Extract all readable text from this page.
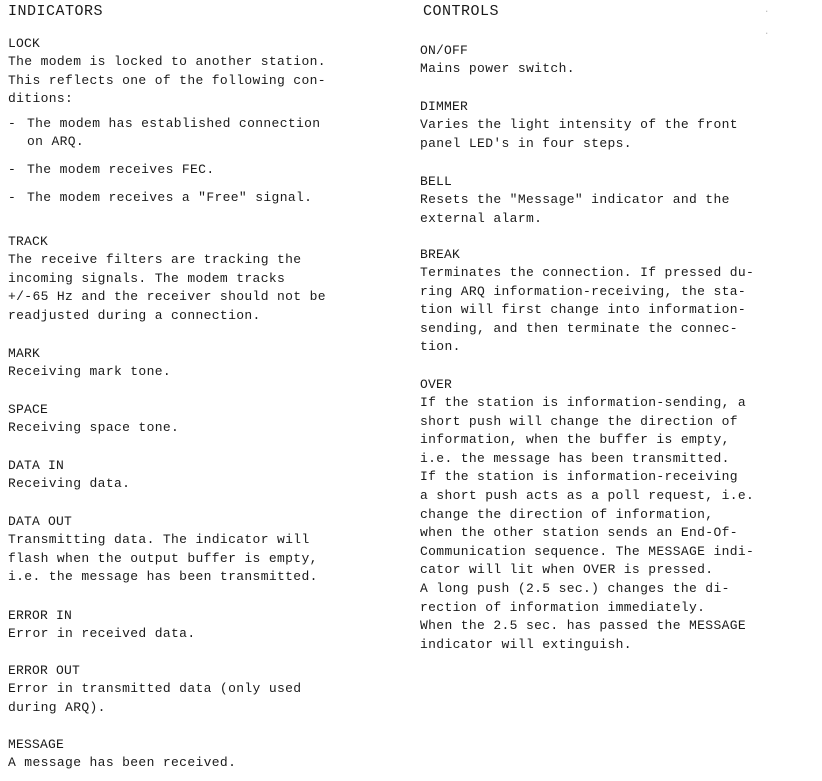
·
·
INDICATORS
LOCK
The modem is locked to another station.
This reflects one of the following con-
ditions:
- The modem has established connection
on ARQ.
- The modem receives FEC.
- The modem receives a "Free" signal.
TRACK
The receive filters are tracking the
incoming signals. The modem tracks
+/-65 Hz and the receiver should not be
readjusted during a connection.
MARK
Receiving mark tone.
SPACE
Receiving space tone.
DATA IN
Receiving data.
DATA OUT
Transmitting data. The indicator will
flash when the output buffer is empty,
i.e. the message has been transmitted.
ERROR IN
Error in received data.
ERROR OUT
Error in transmitted data (only used
during ARQ).
MESSAGE
A message has been received.
CONTROLS
ON/OFF
Mains power switch.
DIMMER
Varies the light intensity of the front
panel LED's in four steps.
BELL
Resets the "Message" indicator and the
external alarm.
BREAK
Terminates the connection. If pressed du-
ring ARQ information-receiving, the sta-
tion will first change into information-
sending, and then terminate the connec-
tion.
OVER
If the station is information-sending, a
short push will change the direction of
information, when the buffer is empty,
i.e. the message has been transmitted.
If the station is information-receiving
a short push acts as a poll request, i.e.
change the direction of information,
when the other station sends an End-Of-
Communication sequence. The MESSAGE indi-
cator will lit when OVER is pressed.
A long push (2.5 sec.) changes the di-
rection of information immediately.
When the 2.5 sec. has passed the MESSAGE
indicator will extinguish.
